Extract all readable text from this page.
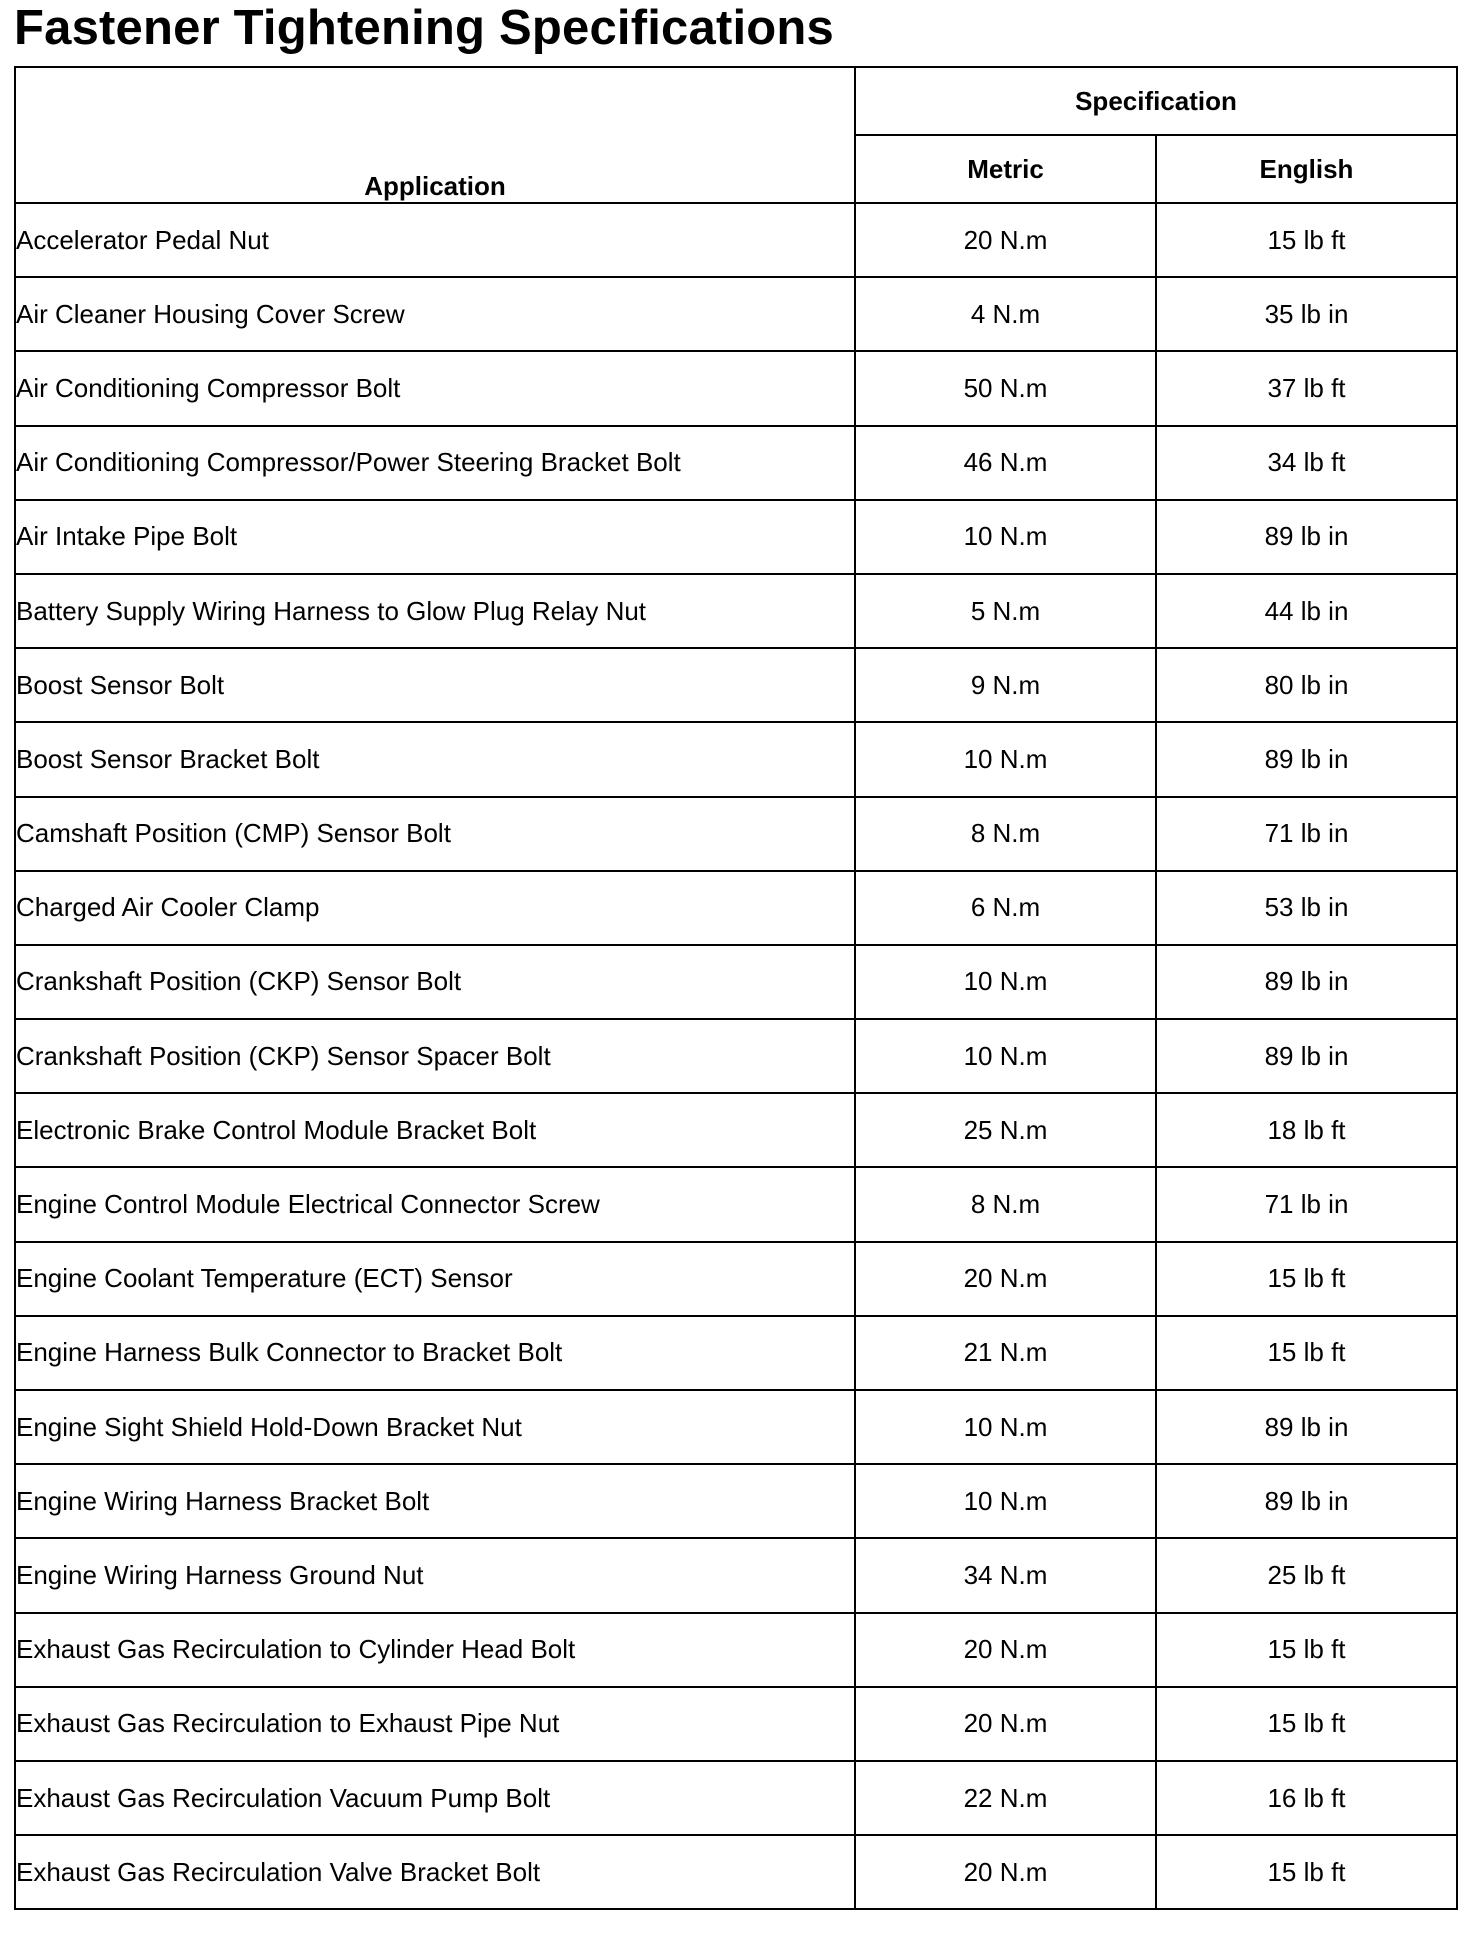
Fastener Tightening Specifications
Application	Specification	
	Metric	English
Accelerator Pedal Nut	20 N.m	15 lb ft
Air Cleaner Housing Cover Screw	4 N.m	35 lb in
Air Conditioning Compressor Bolt	50 N.m	37 lb ft
Air Conditioning Compressor/Power Steering Bracket Bolt	46 N.m	34 lb ft
Air Intake Pipe Bolt	10 N.m	89 lb in
Battery Supply Wiring Harness to Glow Plug Relay Nut	5 N.m	44 lb in
Boost Sensor Bolt	9 N.m	80 lb in
Boost Sensor Bracket Bolt	10 N.m	89 lb in
Camshaft Position (CMP) Sensor Bolt	8 N.m	71 lb in
Charged Air Cooler Clamp	6 N.m	53 lb in
Crankshaft Position (CKP) Sensor Bolt	10 N.m	89 lb in
Crankshaft Position (CKP) Sensor Spacer Bolt	10 N.m	89 lb in
Electronic Brake Control Module Bracket Bolt	25 N.m	18 lb ft
Engine Control Module Electrical Connector Screw	8 N.m	71 lb in
Engine Coolant Temperature (ECT) Sensor	20 N.m	15 lb ft
Engine Harness Bulk Connector to Bracket Bolt	21 N.m	15 lb ft
Engine Sight Shield Hold-Down Bracket Nut	10 N.m	89 lb in
Engine Wiring Harness Bracket Bolt	10 N.m	89 lb in
Engine Wiring Harness Ground Nut	34 N.m	25 lb ft
Exhaust Gas Recirculation to Cylinder Head Bolt	20 N.m	15 lb ft
Exhaust Gas Recirculation to Exhaust Pipe Nut	20 N.m	15 lb ft
Exhaust Gas Recirculation Vacuum Pump Bolt	22 N.m	16 lb ft
Exhaust Gas Recirculation Valve Bracket Bolt	20 N.m	15 lb ft
